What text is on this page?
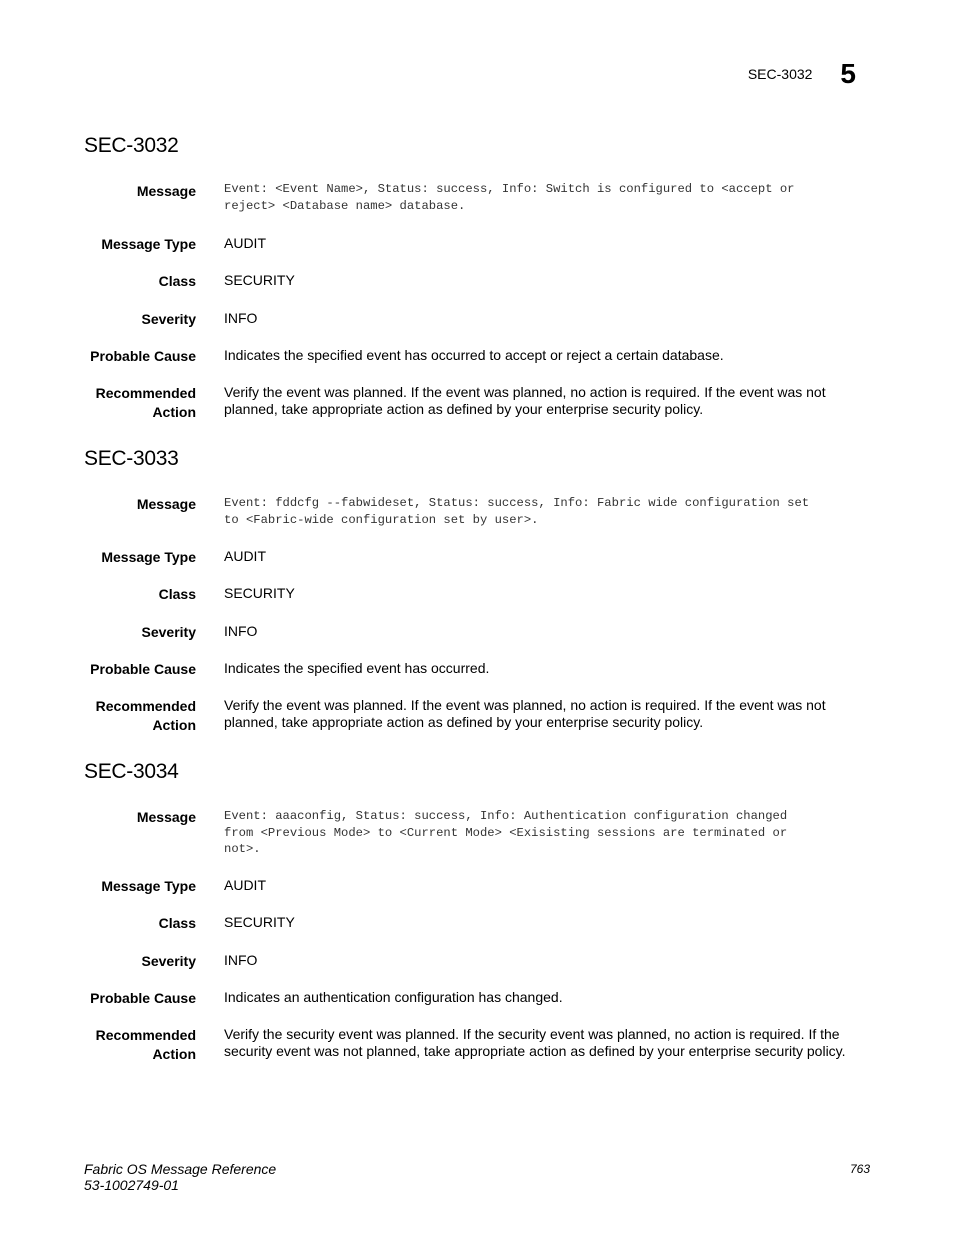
SEC-3032 5
SEC-3032
Message Event: <Event Name>, Status: success, Info: Switch is configured to <accept or
reject> <Database name> database.
Message Type AUDIT
Class SECURITY
Severity INFO
Probable Cause Indicates the specified event has occurred to accept or reject a certain database.
Recommended
Action
Verify the event was planned. If the event was planned, no action is required. If the event was not
planned, take appropriate action as defined by your enterprise security policy.
SEC-3033
Message Event: fddcfg --fabwideset, Status: success, Info: Fabric wide configuration set
to <Fabric-wide configuration set by user>.
Message Type AUDIT
Class SECURITY
Severity INFO
Probable Cause Indicates the specified event has occurred.
Recommended
Action
Verify the event was planned. If the event was planned, no action is required. If the event was not
planned, take appropriate action as defined by your enterprise security policy.
SEC-3034
Message Event: aaaconfig, Status: success, Info: Authentication configuration changed
from <Previous Mode> to <Current Mode> <Exisisting sessions are terminated or
not>.
Message Type AUDIT
Class SECURITY
Severity INFO
Probable Cause Indicates an authentication configuration has changed.
Recommended
Action
Verify the security event was planned. If the security event was planned, no action is required. If the
security event was not planned, take appropriate action as defined by your enterprise security policy.
Fabric OS Message Reference
53-1002749-01
763
